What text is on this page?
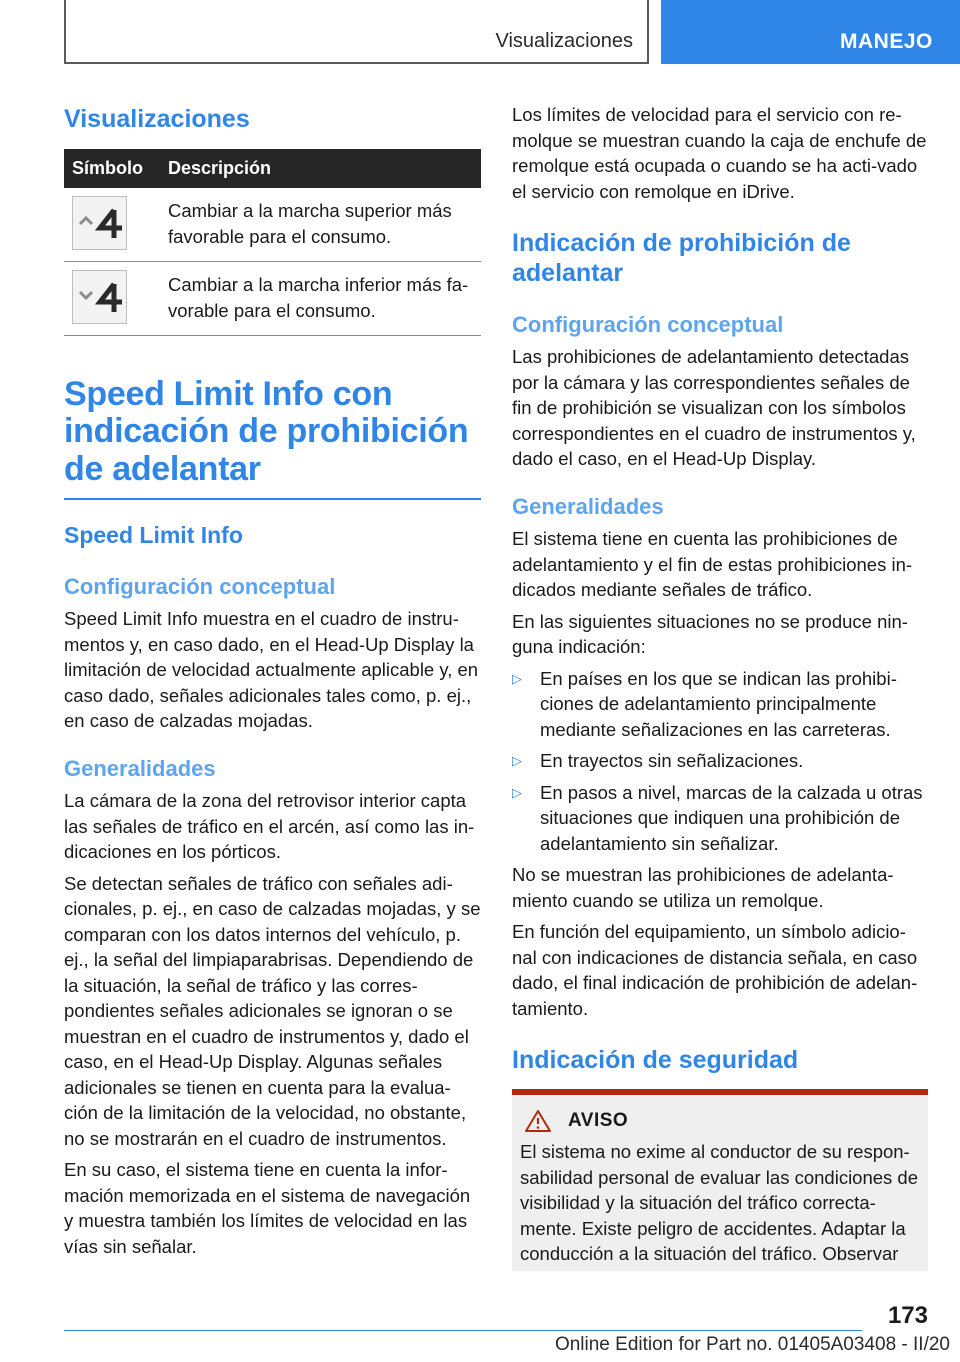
Visualizaciones	MANEJO
Visualizaciones
Símbolo	Descripción

	Cambiar a la marcha superior más favorable para el consumo.

	Cambiar a la marcha inferior más fa-vorable para el consumo.
Speed Limit Info con indicación de prohibición de adelantar
Speed Limit Info
Configuración conceptual

Speed Limit Info muestra en el cuadro de instru-mentos y, en caso dado, en el Head-Up Display la limitación de velocidad actualmente aplicable y, en caso dado, señales adicionales tales como, p. ej., en caso de calzadas mojadas.

Generalidades

La cámara de la zona del retrovisor interior capta las señales de tráfico en el arcén, así como las in-dicaciones en los pórticos.

Se detectan señales de tráfico con señales adi-cionales, p. ej., en caso de calzadas mojadas, y se comparan con los datos internos del vehículo, p. ej., la señal del limpiaparabrisas. Dependiendo de la situación, la señal de tráfico y las corres-pondientes señales adicionales se ignoran o se muestran en el cuadro de instrumentos y, dado el caso, en el Head-Up Display. Algunas señales adicionales se tienen en cuenta para la evalua-ción de la limitación de la velocidad, no obstante, no se mostrarán en el cuadro de instrumentos.

En su caso, el sistema tiene en cuenta la infor-mación memorizada en el sistema de navegación y muestra también los límites de velocidad en las vías sin señalar.

Los límites de velocidad para el servicio con re-molque se muestran cuando la caja de enchufe de remolque está ocupada o cuando se ha acti-vado el servicio con remolque en iDrive.

Indicación de prohibición de adelantar
Configuración conceptual

Las prohibiciones de adelantamiento detectadas por la cámara y las correspondientes señales de fin de prohibición se visualizan con los símbolos correspondientes en el cuadro de instrumentos y, dado el caso, en el Head-Up Display.

Generalidades

El sistema tiene en cuenta las prohibiciones de adelantamiento y el fin de estas prohibiciones in-dicados mediante señales de tráfico.

En las siguientes situaciones no se produce nin-guna indicación:

▷ En países en los que se indican las prohibi-ciones de adelantamiento principalmente mediante señalizaciones en las carreteras.
▷ En trayectos sin señalizaciones.
▷ En pasos a nivel, marcas de la calzada u otras situaciones que indiquen una prohibición de adelantamiento sin señalizar.

No se muestran las prohibiciones de adelanta-miento cuando se utiliza un remolque.

En función del equipamiento, un símbolo adicio-nal con indicaciones de distancia señala, en caso dado, el final indicación de prohibición de adelan-tamiento.

Indicación de seguridad
AVISO

El sistema no exime al conductor de su respon-sabilidad personal de evaluar las condiciones de visibilidad y la situación del tráfico correcta-mente. Existe peligro de accidentes. Adaptar la conducción a la situación del tráfico. Observar

173
Online Edition for Part no. 01405A03408 - II/20
